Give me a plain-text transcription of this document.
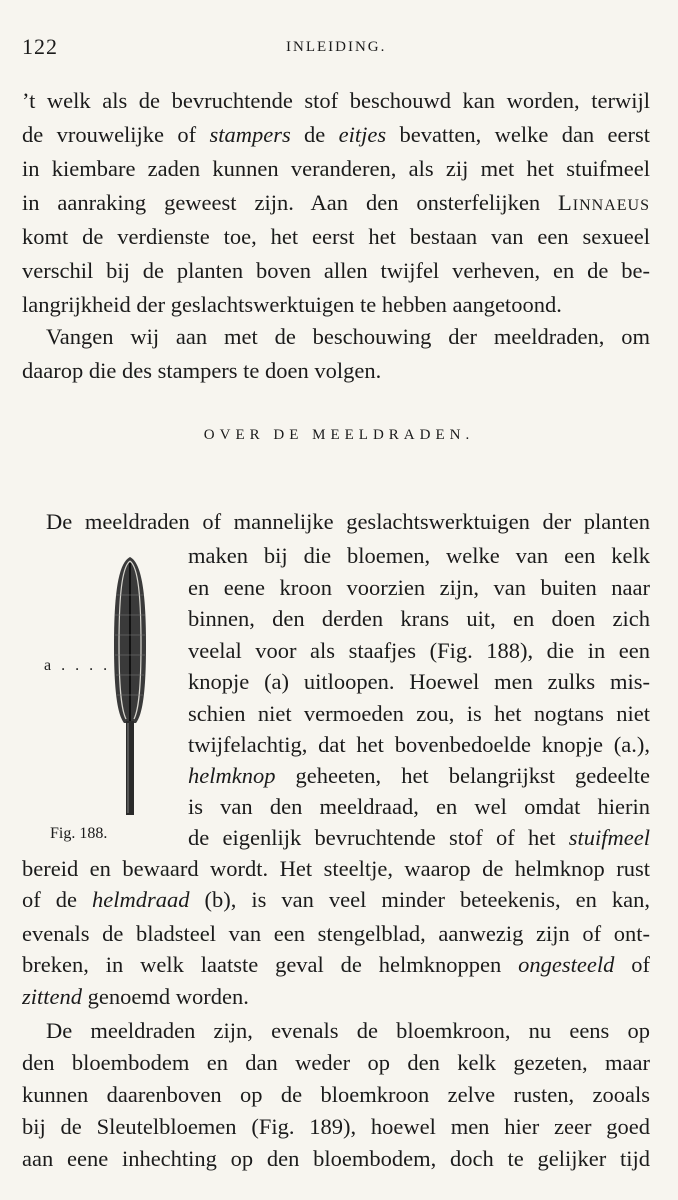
122	INLEIDING.
’t welk als de bevruchtende stof beschouwd kan worden, terwijl
de vrouwelijke of stampers de eitjes bevatten, welke dan eerst
in kiembare zaden kunnen veranderen, als zij met het stuifmeel
in aanraking geweest zijn. Aan den onsterfelijken Linnaeus
komt de verdienste toe, het eerst het bestaan van een sexueel
verschil bij de planten boven allen twijfel verheven, en de be-
langrijkheid der geslachtswerktuigen te hebben aangetoond.
Vangen wij aan met de beschouwing der meeldraden, om
daarop die des stampers te doen volgen.
OVER DE MEELDRADEN.
De meeldraden of mannelijke geslachtswerktuigen der planten
maken bij die bloemen, welke van een kelk
en eene kroon voorzien zijn, van buiten naar
binnen, den derden krans uit, en doen zich
veelal voor als staafjes (Fig. 188), die in een
knopje (a) uitloopen. Hoewel men zulks mis-
schien niet vermoeden zou, is het nogtans niet
twijfelachtig, dat het bovenbedoelde knopje (a.),
helmknop geheeten, het belangrijkst gedeelte
is van den meeldraad, en wel omdat hierin
de eigenlijk bevruchtende stof of het stuifmeel
bereid en bewaard wordt. Het steeltje, waarop de helmknop rust
of de helmdraad (b), is van veel minder beteekenis, en kan,
evenals de bladsteel van een stengelblad, aanwezig zijn of ont-
breken, in welk laatste geval de helmknoppen ongesteeld of
zittend genoemd worden.
De meeldraden zijn, evenals de bloemkroon, nu eens op
den bloembodem en dan weder op den kelk gezeten, maar
kunnen daarenboven op de bloemkroon zelve rusten, zooals
bij de Sleutelbloemen (Fig. 189), hoewel men hier zeer goed
aan eene inhechting op den bloembodem, doch te gelijker tijd
a . . . .
Fig. 188.
